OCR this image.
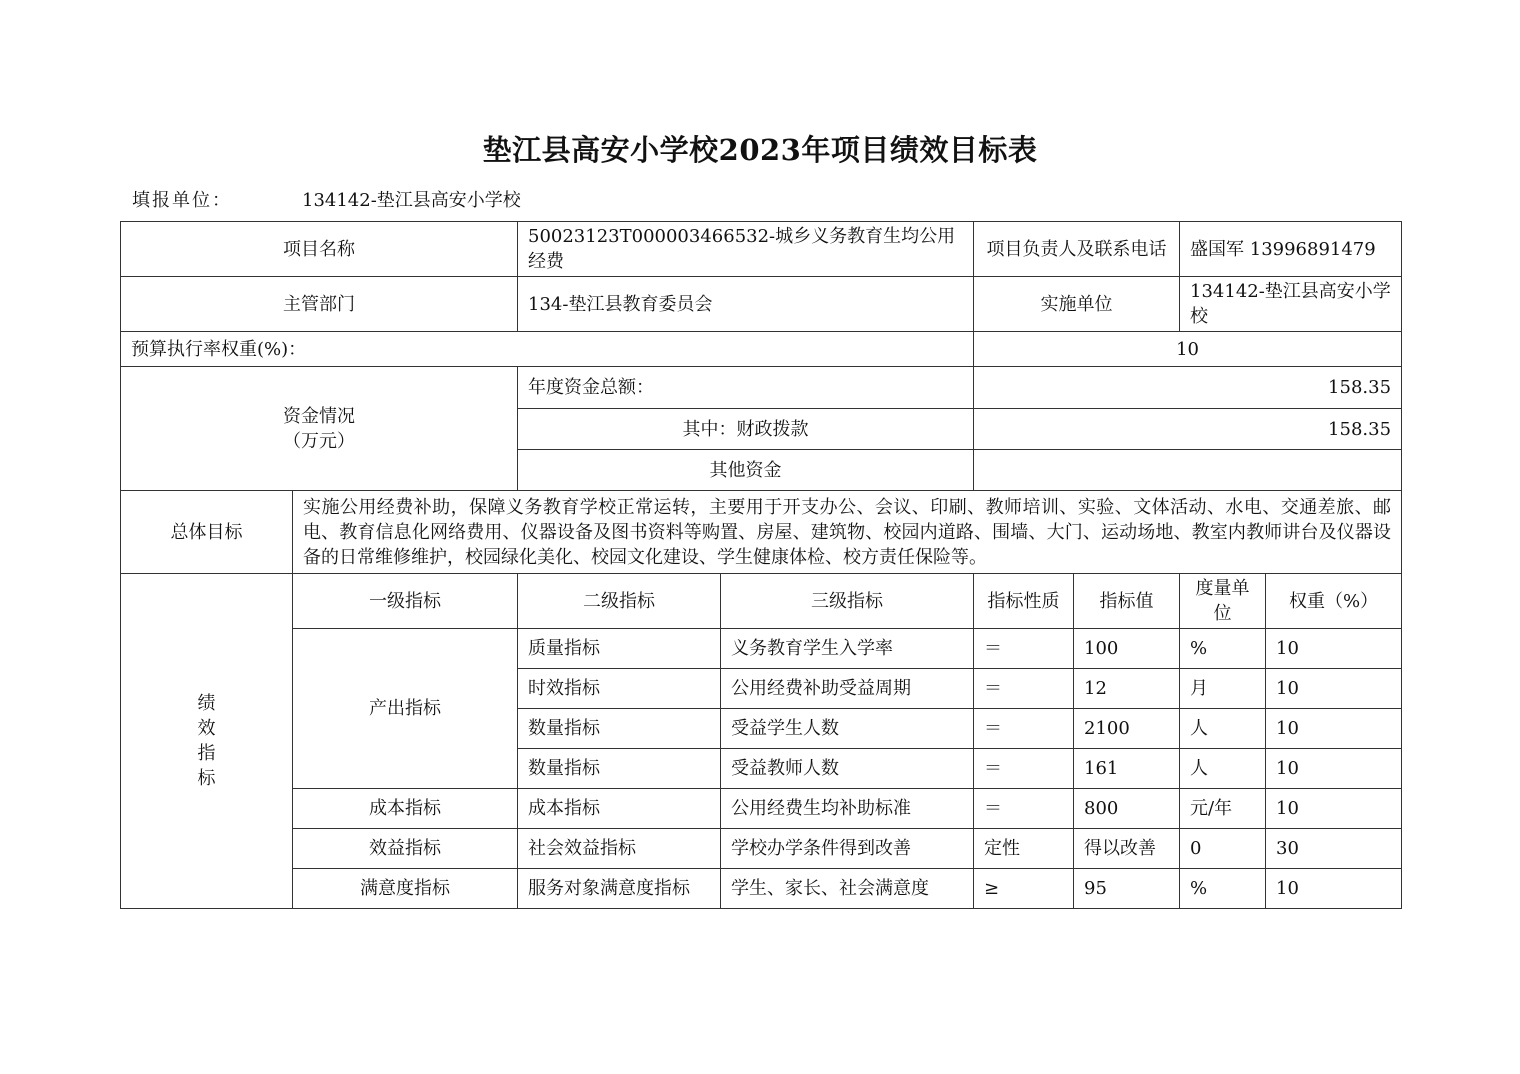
垫江县高安小学校2023年项目绩效目标表
填报单位：	134142-垫江县高安小学校
项目名称		50023123T000003466532-城乡义务教育生均公用经费		项目负责人及联系电话		盛国军 13996891479	
主管部门		134-垫江县教育委员会		实施单位		134142-垫江县高安小学校	
预算执行率权重(%)：				10			
资金情况
（万元）		年度资金总额：		158.35			
		其中：财政拨款		158.35			
		其他资金					
总体目标	实施公用经费补助，保障义务教育学校正常运转，主要用于开支办公、会议、印刷、教师培训、实验、文体活动、水电、交通差旅、邮电、教育信息化网络费用、仪器设备及图书资料等购置、房屋、建筑物、校园内道路、围墙、大门、运动场地、教室内教师讲台及仪器设备的日常维修维护，校园绿化美化、校园文化建设、学生健康体检、校方责任保险等。						
绩
效
指
标	一级指标	二级指标	三级指标	指标性质	指标值	度量单位	权重（%）
	产出指标	质量指标	义务教育学生入学率	＝	100	%	10
		时效指标	公用经费补助受益周期	＝	12	月	10
		数量指标	受益学生人数	＝	2100	人	10
		数量指标	受益教师人数	＝	161	人	10
	成本指标	成本指标	公用经费生均补助标准	＝	800	元/年	10
	效益指标	社会效益指标	学校办学条件得到改善	定性	得以改善	0	30
	满意度指标	服务对象满意度指标	学生、家长、社会满意度	≥	95	%	10
